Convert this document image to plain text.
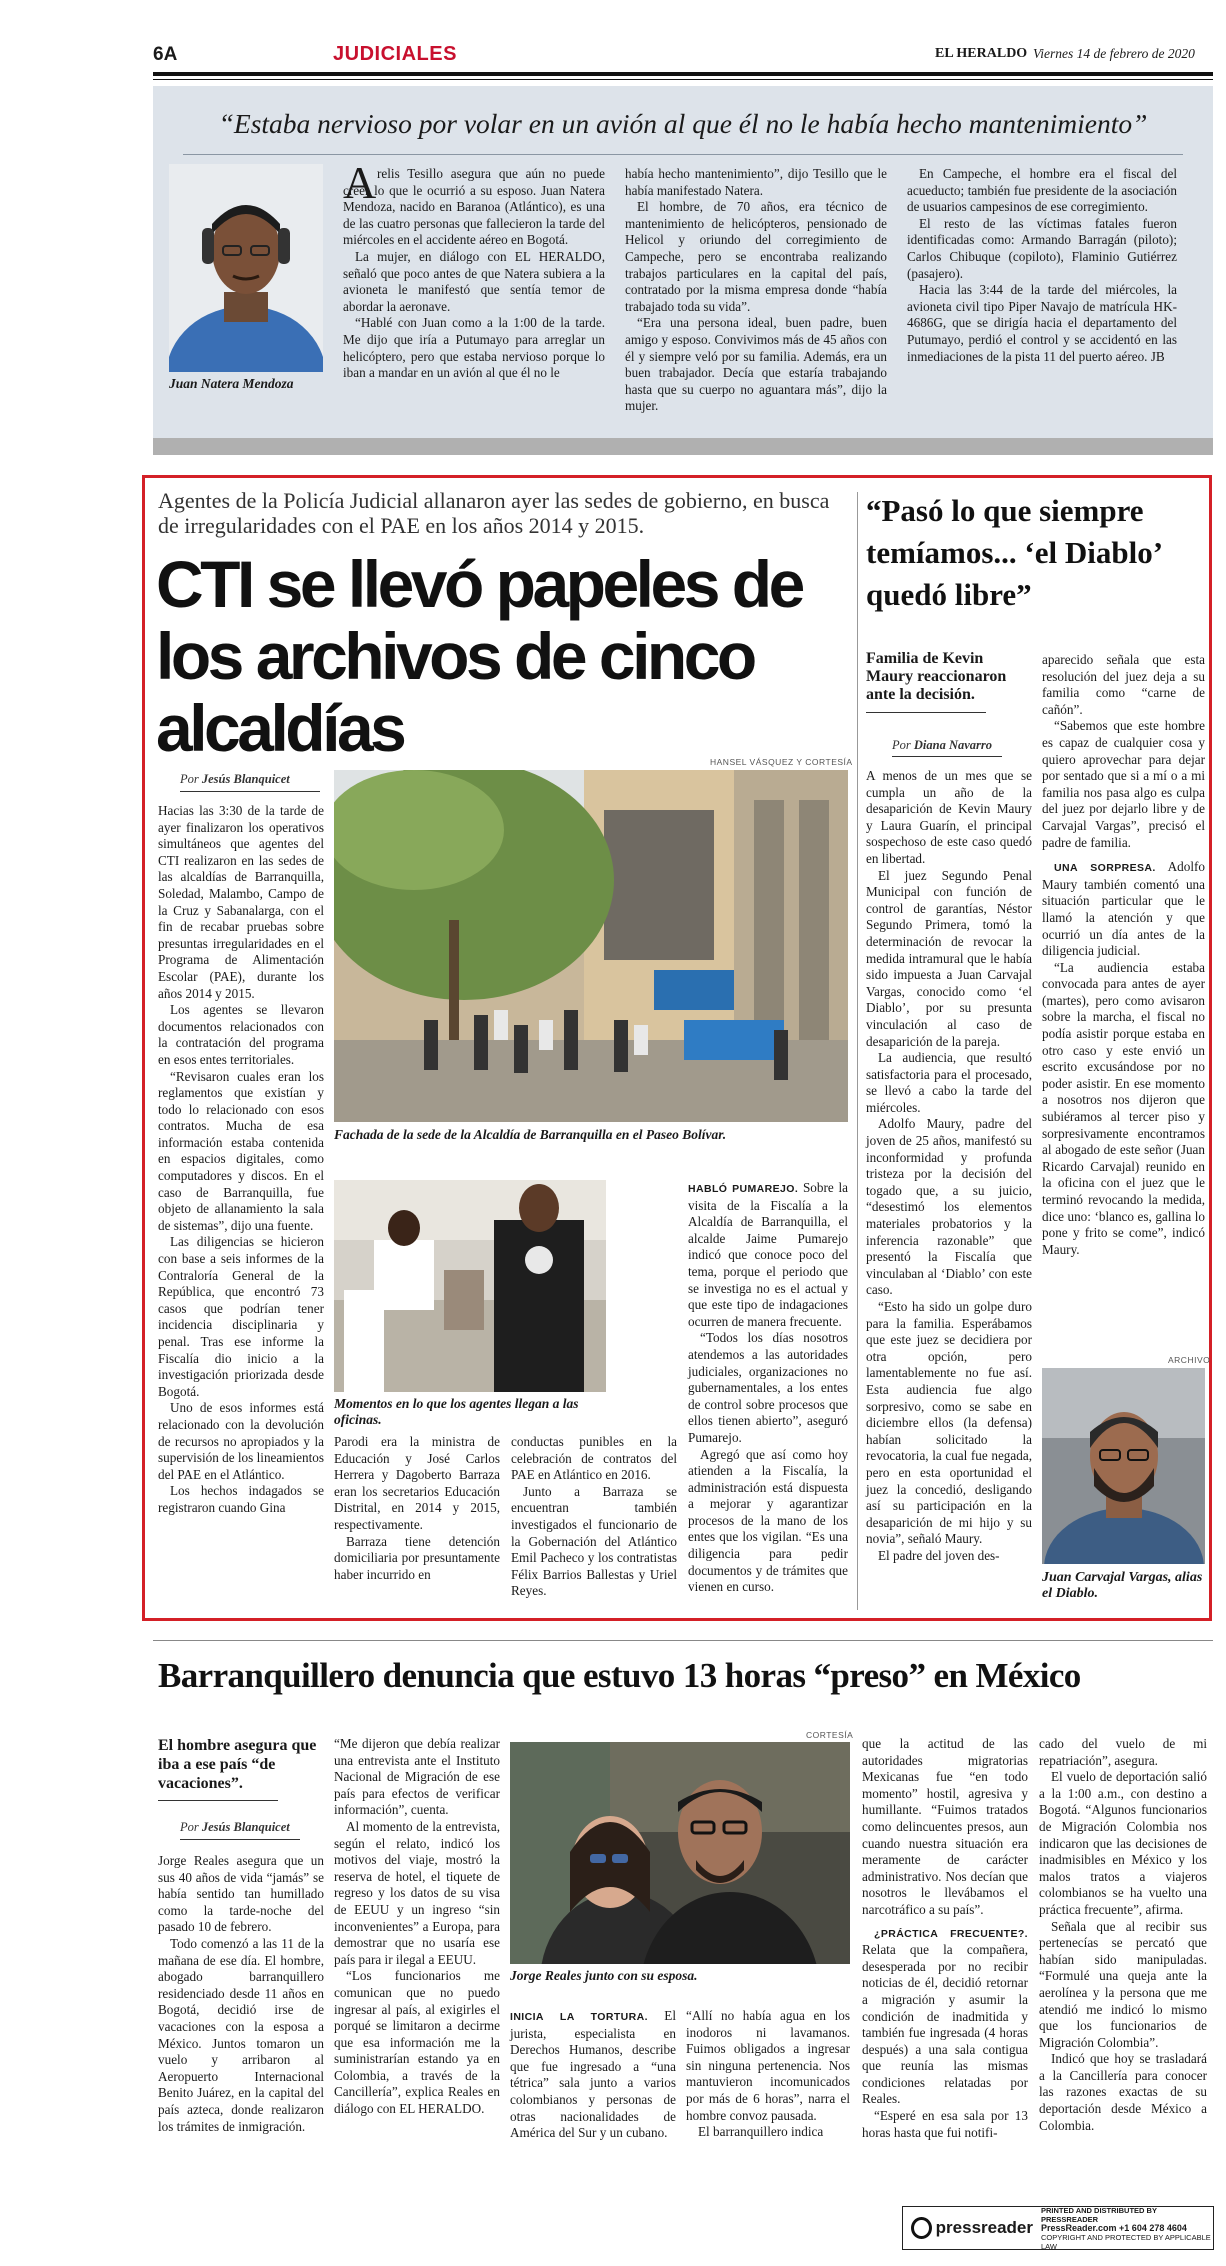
6A	JUDICIALES	EL HERALDO Viernes 14 de febrero de 2020
“Estaba nervioso por volar en un avión al que él no le había hecho mantenimiento”
Juan Natera Mendoza
A relis Tesillo asegura que aún no puede creer lo que le ocurrió a su esposo. Juan Natera Mendoza, nacido en Baranoa (Atlántico), es una de las cuatro personas que fallecieron la tarde del miércoles en el accidente aéreo en Bogotá.

La mujer, en diálogo con EL HERALDO, señaló que poco antes de que Natera subiera a la avioneta le manifestó que sentía temor de abordar la aeronave.

“Hablé con Juan como a la 1:00 de la tarde. Me dijo que iría a Putumayo para arreglar un helicóptero, pero que estaba nervioso porque lo iban a mandar en un avión al que él no le

había hecho mantenimiento”, dijo Tesillo que le había manifestado Natera.

El hombre, de 70 años, era técnico de mantenimiento de helicópteros, pensionado de Helicol y oriundo del corregimiento de Campeche, pero se encontraba realizando trabajos particulares en la capital del país, contratado por la misma empresa donde “había trabajado toda su vida”.

“Era una persona ideal, buen padre, buen amigo y esposo. Convivimos más de 45 años con él y siempre veló por su familia. Además, era un buen trabajador. Decía que estaría trabajando hasta que su cuerpo no aguantara más”, dijo la mujer.

En Campeche, el hombre era el fiscal del acueducto; también fue presidente de la asociación de usuarios campesinos de ese corregimiento.

El resto de las víctimas fatales fueron identificadas como: Armando Barragán (piloto); Carlos Chibuque (copiloto), Flaminio Gutiérrez (pasajero).

Hacia las 3:44 de la tarde del miércoles, la avioneta civil tipo Piper Navajo de matrícula HK-4686G, que se dirigía hacia el departamento del Putumayo, perdió el control y se accidentó en las inmediaciones de la pista 11 del puerto aéreo. JB

Agentes de la Policía Judicial allanaron ayer las sedes de gobierno, en busca de irregularidades con el PAE en los años 2014 y 2015.
CTI se llevó papeles de los archivos de cinco alcaldías
Por Jesús Blanquicet

Hacias las 3:30 de la tarde de ayer finalizaron los operativos simultáneos que agentes del CTI realizaron en las sedes de las alcaldías de Barranquilla, Soledad, Malambo, Campo de la Cruz y Sabanalarga, con el fin de recabar pruebas sobre presuntas irregularidades en el Programa de Alimentación Escolar (PAE), durante los años 2014 y 2015.

Los agentes se llevaron documentos relacionados con la contratación del programa en esos entes territoriales.

“Revisaron cuales eran los reglamentos que existían y todo lo relacionado con esos contratos. Mucha de esa información estaba contenida en espacios digitales, como computadores y discos. En el caso de Barranquilla, fue objeto de allanamiento la sala de sistemas”, dijo una fuente.

Las diligencias se hicieron con base a seis informes de la Contraloría General de la República, que encontró 73 casos que podrían tener incidencia disciplinaria y penal. Tras ese informe la Fiscalía dio inicio a la investigación priorizada desde Bogotá.

Uno de esos informes está relacionado con la devolución de recursos no apropiados y la supervisión de los lineamientos del PAE en el Atlántico.

Los hechos indagados se registraron cuando Gina

HANSEL VÁSQUEZ Y CORTESÍA
Fachada de la sede de la Alcaldía de Barranquilla en el Paseo Bolívar.
Momentos en lo que los agentes llegan a las oficinas.

Parodi era la ministra de Educación y José Carlos Herrera y Dagoberto Barraza eran los secretarios Educación Distrital, en 2014 y 2015, respectivamente.

Barraza tiene detención domiciliaria por presuntamente haber incurrido en

conductas punibles en la celebración de contratos del PAE en Atlántico en 2016.

Junto a Barraza se encuentran también investigados el funcionario de la Gobernación del Atlántico Emil Pacheco y los contratistas Félix Barrios Ballestas y Uriel Reyes.

HABLÓ PUMAREJO. Sobre la visita de la Fiscalía a la Alcaldía de Barranquilla, el alcalde Jaime Pumarejo indicó que conoce poco del tema, porque el periodo que se investiga no es el actual y que este tipo de indagaciones ocurren de manera frecuente.

“Todos los días nosotros atendemos a las autoridades judiciales, organizaciones no gubernamentales, a los entes de control sobre procesos que ellos tienen abierto”, aseguró Pumarejo.

Agregó que así como hoy atienden a la Fiscalía, la administración está dispuesta a mejorar y agarantizar procesos de la mano de los entes que los vigilan. “Es una diligencia para pedir documentos y de trámites que vienen en curso.

“Pasó lo que siempre temíamos... ‘el Diablo’ quedó libre”
Familia de Kevin Maury reaccionaron ante la decisión.
Por Diana Navarro

A menos de un mes que se cumpla un año de la desaparición de Kevin Maury y Laura Guarín, el principal sospechoso de este caso quedó en libertad.

El juez Segundo Penal Municipal con función de control de garantías, Néstor Segundo Primera, tomó la determinación de revocar la medida intramural que le había sido impuesta a Juan Carvajal Vargas, conocido como ‘el Diablo’, por su presunta vinculación al caso de desaparición de la pareja.

La audiencia, que resultó satisfactoria para el procesado, se llevó a cabo la tarde del miércoles.

Adolfo Maury, padre del joven de 25 años, manifestó su inconformidad y profunda tristeza por la decisión del togado que, a su juicio, “desestimó los elementos materiales probatorios y la inferencia razonable” que presentó la Fiscalía que vinculaban al ‘Diablo’ con este caso.

“Esto ha sido un golpe duro para la familia. Esperábamos que este juez se decidiera por otra opción, pero lamentablemente no fue así. Esta audiencia fue algo sorpresivo, como se sabe en diciembre ellos (la defensa) habían solicitado la revocatoria, la cual fue negada, pero en esta oportunidad el juez la concedió, desligando así su participación en la desaparición de mi hijo y su novia”, señaló Maury.

El padre del joven des-

aparecido señala que esta resolución del juez deja a su familia como “carne de cañón”.

“Sabemos que este hombre es capaz de cualquier cosa y quiero aprovechar para dejar por sentado que si a mí o a mi familia nos pasa algo es culpa del juez por dejarlo libre y de Carvajal Vargas”, precisó el padre de familia.

UNA SORPRESA. Adolfo Maury también comentó una situación particular que le llamó la atención y que ocurrió un día antes de la diligencia judicial.

“La audiencia estaba convocada para antes de ayer (martes), pero como avisaron sobre la marcha, el fiscal no podía asistir porque estaba en otro caso y este envió un escrito excusándose por no poder asistir. En ese momento a nosotros nos dijeron que subiéramos al tercer piso y sorpresivamente encontramos al abogado de este señor (Juan Ricardo Carvajal) reunido en la oficina con el juez que le terminó revocando la medida, dice uno: ‘blanco es, gallina lo pone y frito se come”, indicó Maury.

ARCHIVO
Juan Carvajal Vargas, alias el Diablo.
Barranquillero denuncia que estuvo 13 horas “preso” en México
El hombre asegura que iba a ese país “de vacaciones”.
Por Jesús Blanquicet

Jorge Reales asegura que un sus 40 años de vida “jamás” se había sentido tan humillado como la tarde-noche del pasado 10 de febrero.

Todo comenzó a las 11 de la mañana de ese día. El hombre, abogado barranquillero residenciado desde 11 años en Bogotá, decidió irse de vacaciones con la esposa a México. Juntos tomaron un vuelo y arribaron al Aeropuerto Internacional Benito Juárez, en la capital del país azteca, donde realizaron los trámites de inmigración.

“Me dijeron que debía realizar una entrevista ante el Instituto Nacional de Migración de ese país para efectos de verificar información”, cuenta.

Al momento de la entrevista, según el relato, indicó los motivos del viaje, mostró la reserva de hotel, el tiquete de regreso y los datos de su visa de EEUU y un ingreso “sin inconvenientes” a Europa, para demostrar que no usaría ese país para ir ilegal a EEUU.

“Los funcionarios me comunican que no puedo ingresar al país, al exigirles el porqué se limitaron a decirme que esa información me la suministrarían estando ya en Colombia, a través de la Cancillería”, explica Reales en diálogo con EL HERALDO.

CORTESÍA
Jorge Reales junto con su esposa.

INICIA LA TORTURA. El jurista, especialista en Derechos Humanos, describe que fue ingresado a “una tétrica” sala junto a varios colombianos y personas de otras nacionalidades de América del Sur y un cubano.

“Allí no había agua en los inodoros ni lavamanos. Fuimos obligados a ingresar sin ninguna pertenencia. Nos mantuvieron incomunicados por más de 6 horas”, narra el hombre convoz pausada.

El barranquillero indica

que la actitud de las autoridades migratorias Mexicanas fue “en todo momento” hostil, agresiva y humillante. “Fuimos tratados como delincuentes presos, aun cuando nuestra situación era meramente de carácter administrativo. Nos decían que nosotros le llevábamos el narcotráfico a su país”.

¿PRÁCTICA FRECUENTE?. Relata que la compañera, desesperada por no recibir noticias de él, decidió retornar a migración y asumir la condición de inadmitida y también fue ingresada (4 horas después) a una sala contigua que reunía las mismas condiciones relatadas por Reales.

“Esperé en esa sala por 13 horas hasta que fui notifi-

cado del vuelo de mi repatriación”, asegura.

El vuelo de deportación salió a la 1:00 a.m., con destino a Bogotá. “Algunos funcionarios de Migración Colombia nos indicaron que las decisiones de inadmisibles en México y los malos tratos a viajeros colombianos se ha vuelto una práctica frecuente”, afirma.

Señala que al recibir sus pertenecías se percató que habían sido manipuladas. “Formulé una queja ante la aerolínea y la persona que me atendió me indicó lo mismo que los funcionarios de Migración Colombia”.

Indicó que hoy se trasladará a la Cancillería para conocer las razones exactas de su deportación desde México a Colombia.

pressreader
PRINTED AND DISTRIBUTED BY PRESSREADER
PressReader.com +1 604 278 4604
COPYRIGHT AND PROTECTED BY APPLICABLE LAW
